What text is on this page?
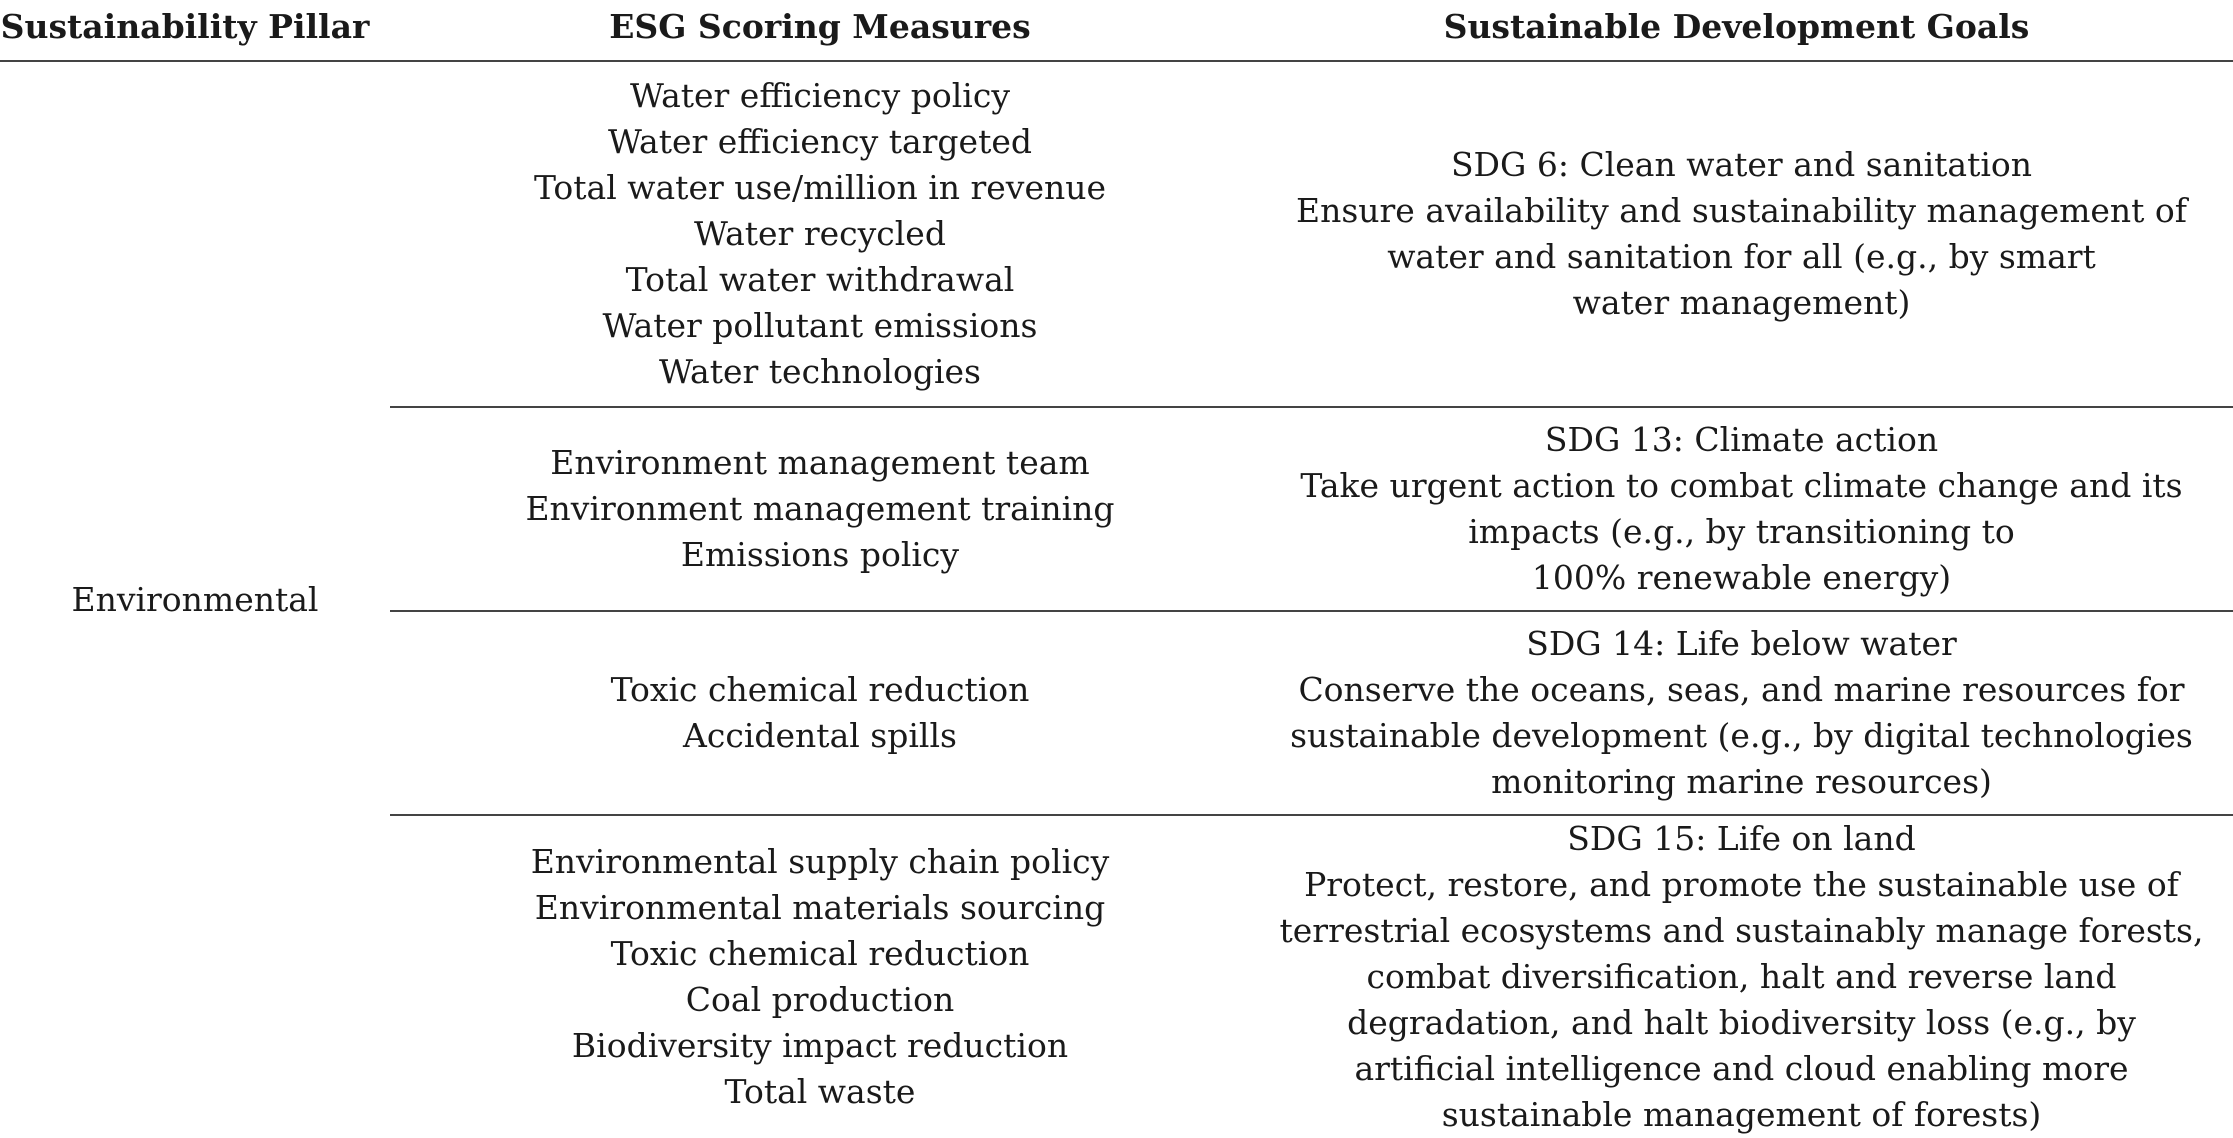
Sustainability Pillar	ESG Scoring Measures	Sustainable Development Goals
Environmental
Water efficiency policy
Water efficiency targeted
Total water use/million in revenue
Water recycled
Total water withdrawal
Water pollutant emissions
Water technologies
SDG 6: Clean water and sanitation
Ensure availability and sustainability management of
water and sanitation for all (e.g., by smart
water management)
Environment management team
Environment management training
Emissions policy
SDG 13: Climate action
Take urgent action to combat climate change and its
impacts (e.g., by transitioning to
100% renewable energy)
Toxic chemical reduction
Accidental spills
SDG 14: Life below water
Conserve the oceans, seas, and marine resources for
sustainable development (e.g., by digital technologies
monitoring marine resources)
Environmental supply chain policy
Environmental materials sourcing
Toxic chemical reduction
Coal production
Biodiversity impact reduction
Total waste
SDG 15: Life on land
Protect, restore, and promote the sustainable use of
terrestrial ecosystems and sustainably manage forests,
combat diversification, halt and reverse land
degradation, and halt biodiversity loss (e.g., by
artificial intelligence and cloud enabling more
sustainable management of forests)
